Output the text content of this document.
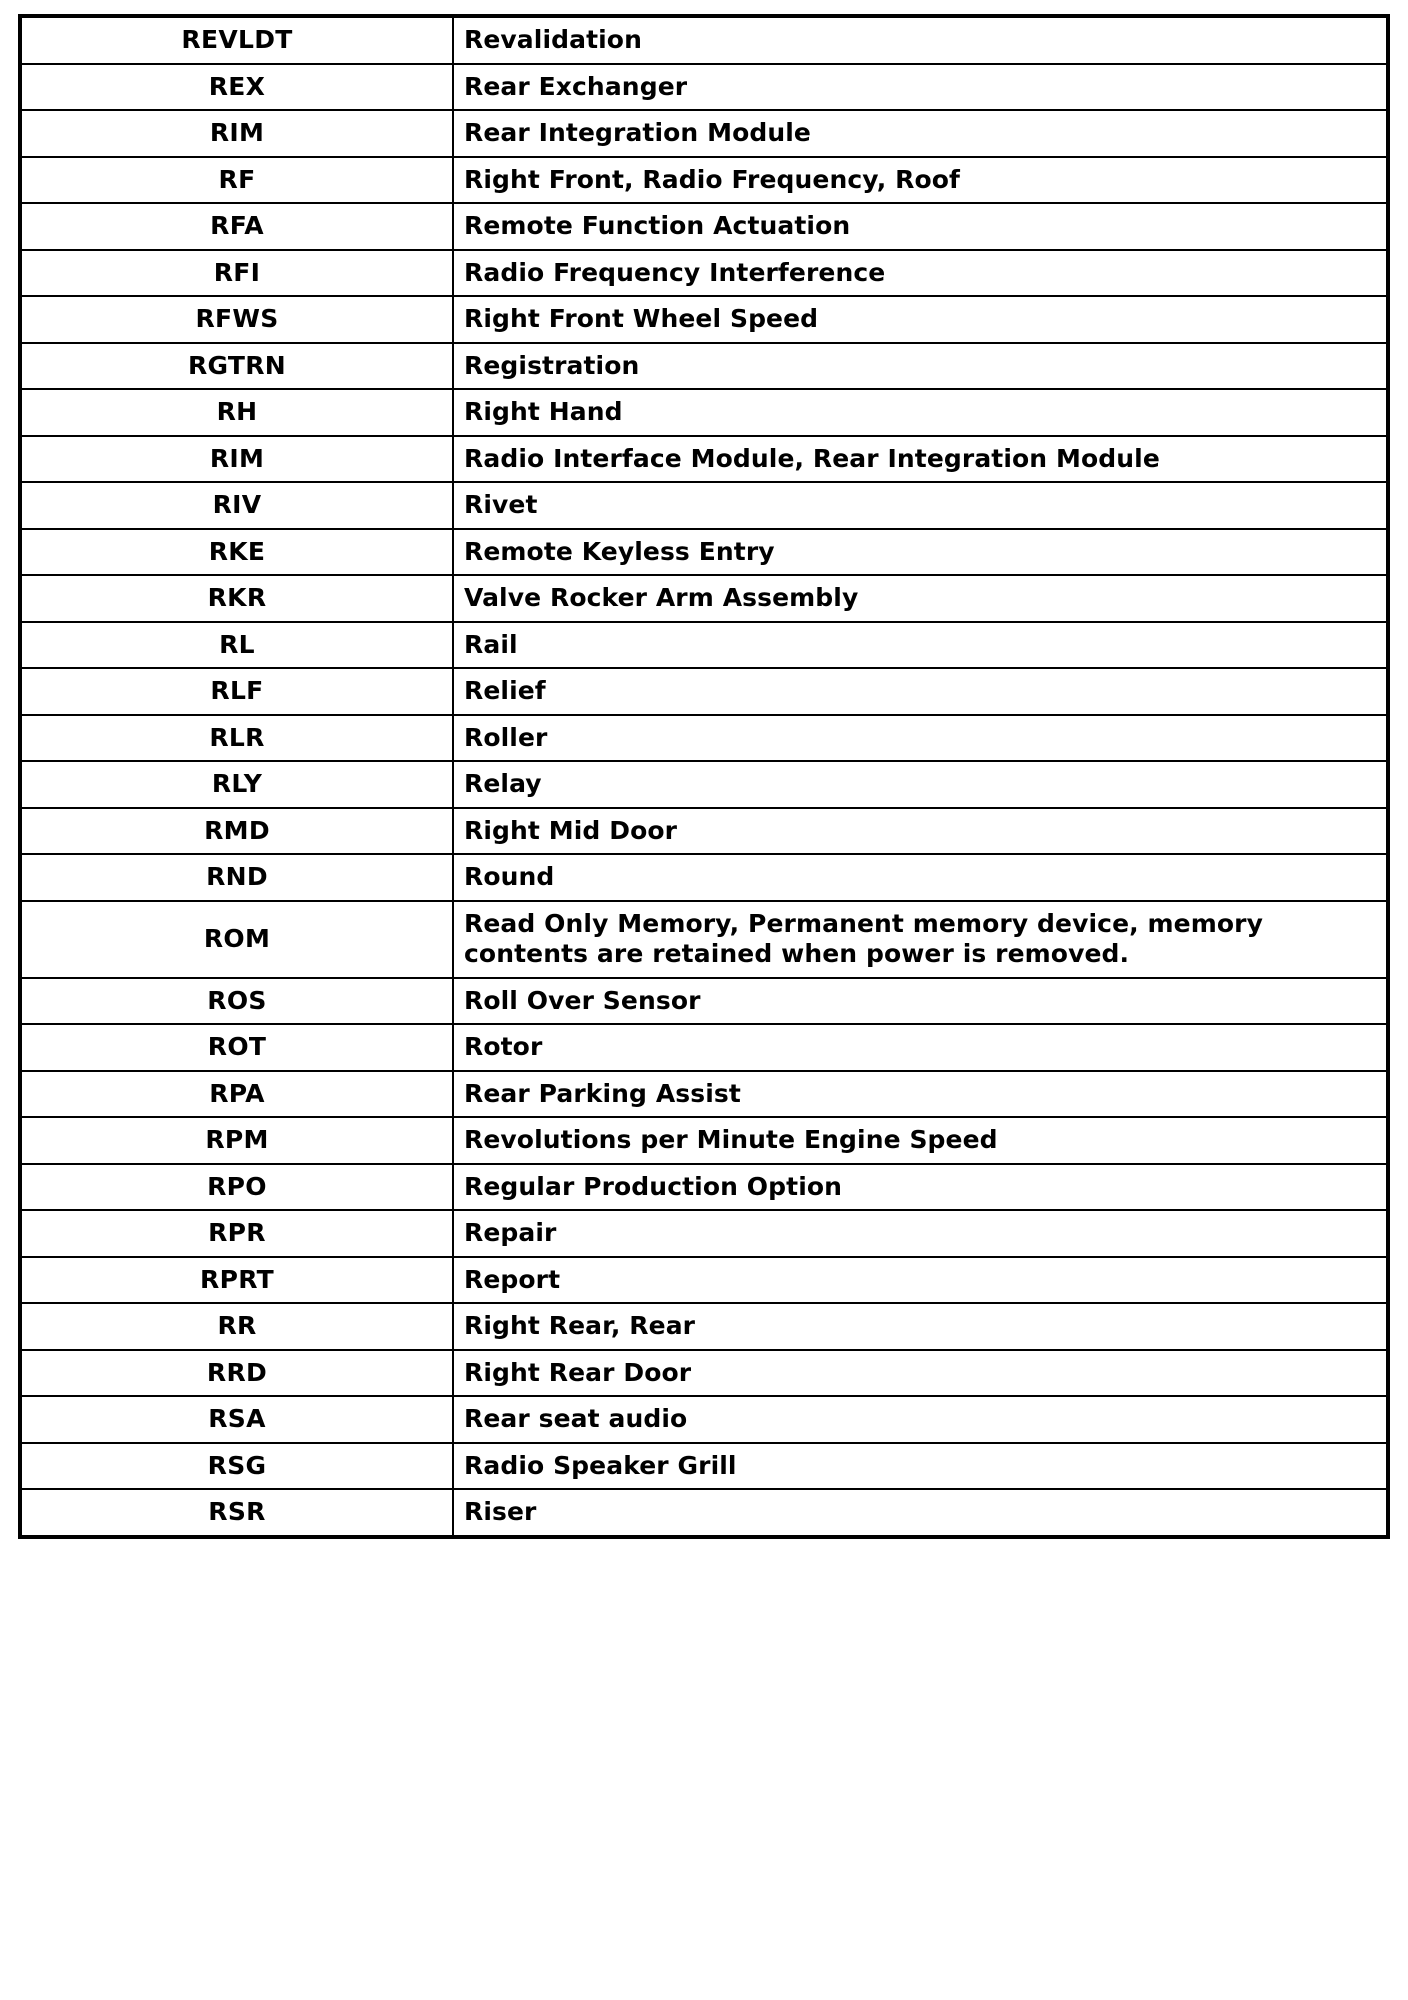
REVLDT	Revalidation
REX	Rear Exchanger
RIM	Rear Integration Module
RF	Right Front, Radio Frequency, Roof
RFA	Remote Function Actuation
RFI	Radio Frequency Interference
RFWS	Right Front Wheel Speed
RGTRN	Registration
RH	Right Hand
RIM	Radio Interface Module, Rear Integration Module
RIV	Rivet
RKE	Remote Keyless Entry
RKR	Valve Rocker Arm Assembly
RL	Rail
RLF	Relief
RLR	Roller
RLY	Relay
RMD	Right Mid Door
RND	Round
ROM	Read Only Memory, Permanent memory device, memory contents are retained when power is removed.
ROS	Roll Over Sensor
ROT	Rotor
RPA	Rear Parking Assist
RPM	Revolutions per Minute Engine Speed
RPO	Regular Production Option
RPR	Repair
RPRT	Report
RR	Right Rear, Rear
RRD	Right Rear Door
RSA	Rear seat audio
RSG	Radio Speaker Grill
RSR	Riser
